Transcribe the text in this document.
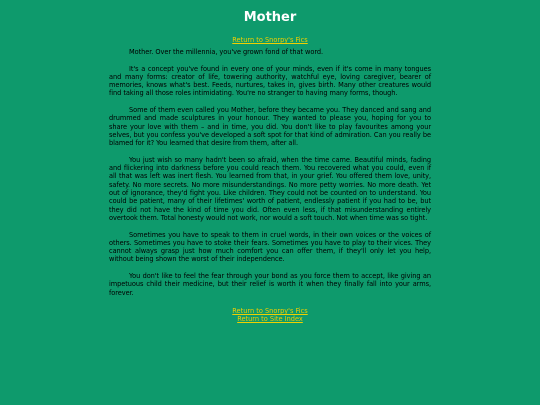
Mother
Return to Snorpy's Fics

Mother. Over the millennia, you've grown fond of that word.

It's a concept you've found in every one of your minds, even if it's come in many tongues and many forms: creator of life, towering authority, watchful eye, loving caregiver, bearer of memories, knows what's best. Feeds, nurtures, takes in, gives birth. Many other creatures would find taking all those roles intimidating. You're no stranger to having many forms, though.

Some of them even called you Mother, before they became you. They danced and sang and drummed and made sculptures in your honour. They wanted to please you, hoping for you to share your love with them – and in time, you did. You don't like to play favourites among your selves, but you confess you've developed a soft spot for that kind of admiration. Can you really be blamed for it? You learned that desire from them, after all.

You just wish so many hadn't been so afraid, when the time came. Beautiful minds, fading and flickering into darkness before you could reach them. You recovered what you could, even if all that was left was inert flesh. You learned from that, in your grief. You offered them love, unity, safety. No more secrets. No more misunderstandings. No more petty worries. No more death. Yet out of ignorance, they'd fight you. Like children. They could not be counted on to understand. You could be patient, many of their lifetimes' worth of patient, endlessly patient if you had to be, but they did not have the kind of time you did. Often even less, if that misunderstanding entirely overtook them. Total honesty would not work, nor would a soft touch. Not when time was so tight.

Sometimes you have to speak to them in cruel words, in their own voices or the voices of others. Sometimes you have to stoke their fears. Sometimes you have to play to their vices. They cannot always grasp just how much comfort you can offer them, if they'll only let you help, without being shown the worst of their independence.

You don't like to feel the fear through your bond as you force them to accept, like giving an impetuous child their medicine, but their relief is worth it when they finally fall into your arms, forever.

Return to Snorpy's Fics
Return to Site Index
